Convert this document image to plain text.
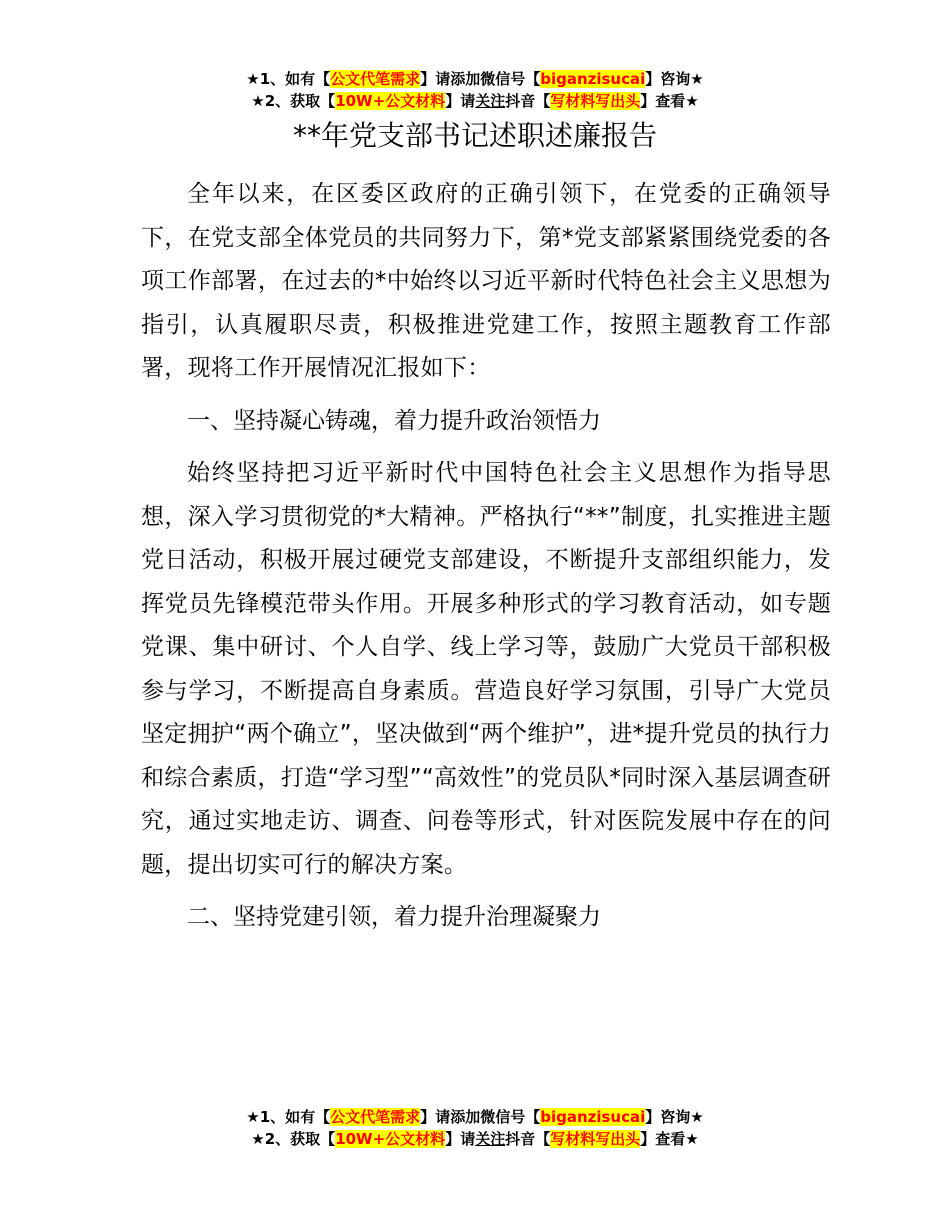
★1、如有【公文代笔需求】请添加微信号【biganzisucai】咨询★
★2、获取【10W+公文材料】请关注抖音【写材料写出头】查看★
**年党支部书记述职述廉报告

全年以来，在区委区政府的正确引领下，在党委的正确领导下，在党支部全体党员的共同努力下，第*党支部紧紧围绕党委的各项工作部署，在过去的*中始终以习近平新时代特色社会主义思想为指引，认真履职尽责，积极推进党建工作，按照主题教育工作部署，现将工作开展情况汇报如下：

一、坚持凝心铸魂，着力提升政治领悟力

始终坚持把习近平新时代中国特色社会主义思想作为指导思想，深入学习贯彻党的*大精神。严格执行“**”制度，扎实推进主题党日活动，积极开展过硬党支部建设，不断提升支部组织能力，发挥党员先锋模范带头作用。开展多种形式的学习教育活动，如专题党课、集中研讨、个人自学、线上学习等，鼓励广大党员干部积极参与学习，不断提高自身素质。营造良好学习氛围，引导广大党员坚定拥护“两个确立”，坚决做到“两个维护”，进*提升党员的执行力和综合素质，打造“学习型”“高效性”的党员队*同时深入基层调查研究，通过实地走访、调查、问卷等形式，针对医院发展中存在的问题，提出切实可行的解决方案。

二、坚持党建引领，着力提升治理凝聚力

★1、如有【公文代笔需求】请添加微信号【biganzisucai】咨询★
★2、获取【10W+公文材料】请关注抖音【写材料写出头】查看★
